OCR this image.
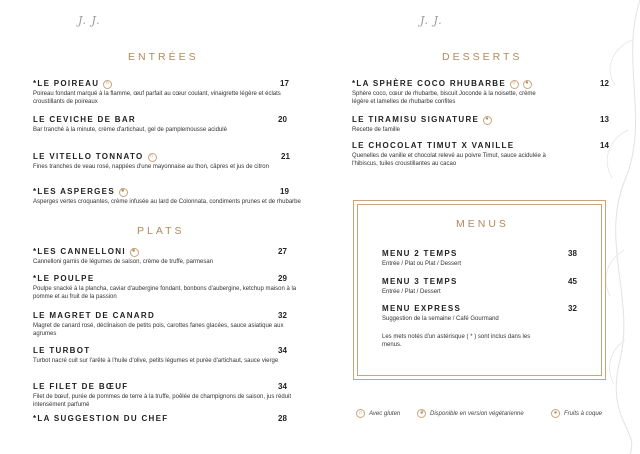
J. J.	J. J.
ENTRÉES
PLATS
DESSERTS
*LE POIREAU ☼	17
Poireau fondant marqué à la flamme, œuf parfait au cœur coulant, vinaigrette légère et éclats croustillants de poireaux
LE CEVICHE DE BAR	20
Bar tranché à la minute, crème d'artichaut, gel de pamplemousse acidulé
LE VITELLO TONNATO ☼	21
Fines tranches de veau rosé, nappées d'une mayonnaise au thon, câpres et jus de citron
*LES ASPERGES ❦	19
Asperges vertes croquantes, crème infusée au lard de Colonnata, condiments prunes et de rhubarbe
*LES CANNELLONI ❦	27
Cannelloni garnis de légumes de saison, crème de truffe, parmesan
*LE POULPE	29
Poulpe snacké à la plancha, caviar d'aubergine fondant, bonbons d'aubergine, ketchup maison à la pomme et au fruit de la passion
LE MAGRET DE CANARD	32
Magret de canard rosé, déclinaison de petits pois, carottes fanes glacées, sauce asiatique aux agrumes
LE TURBOT	34
Turbot nacré cuit sur l'arête à l'huile d'olive, petits légumes et purée d'artichaut, sauce vierge
LE FILET DE BŒUF	34
Filet de bœuf, purée de pommes de terre à la truffe, poêlée de champignons de saison, jus réduit intensément parfumé
*LA SUGGESTION DU CHEF	28
*LA SPHÈRE COCO RHUBARBE ☼	●	12
Sphère coco, cœur de rhubarbe, biscuit Joconde à la noisette, crème légère et lamelles de rhubarbe confites
LE TIRAMISU SIGNATURE	●	13
Recette de famille
LE CHOCOLAT TIMUT X VANILLE	14
Quenelles de vanille et chocolat relevé au poivre Timut, sauce acidulée à l'hibiscus, tuiles croustillantes au cacao
MENUS
MENU 2 TEMPS	38
Entrée / Plat ou Plat / Dessert
MENU 3 TEMPS	45
Entrée / Plat / Dessert
MENU EXPRESS	32
Suggestion de la semaine / Café Gourmand
Les mets notés d'un astérisque ( * ) sont inclus dans les menus.
☼ Avec gluten	❦	Disponible en version végétarienne	●	Fruits à coque
